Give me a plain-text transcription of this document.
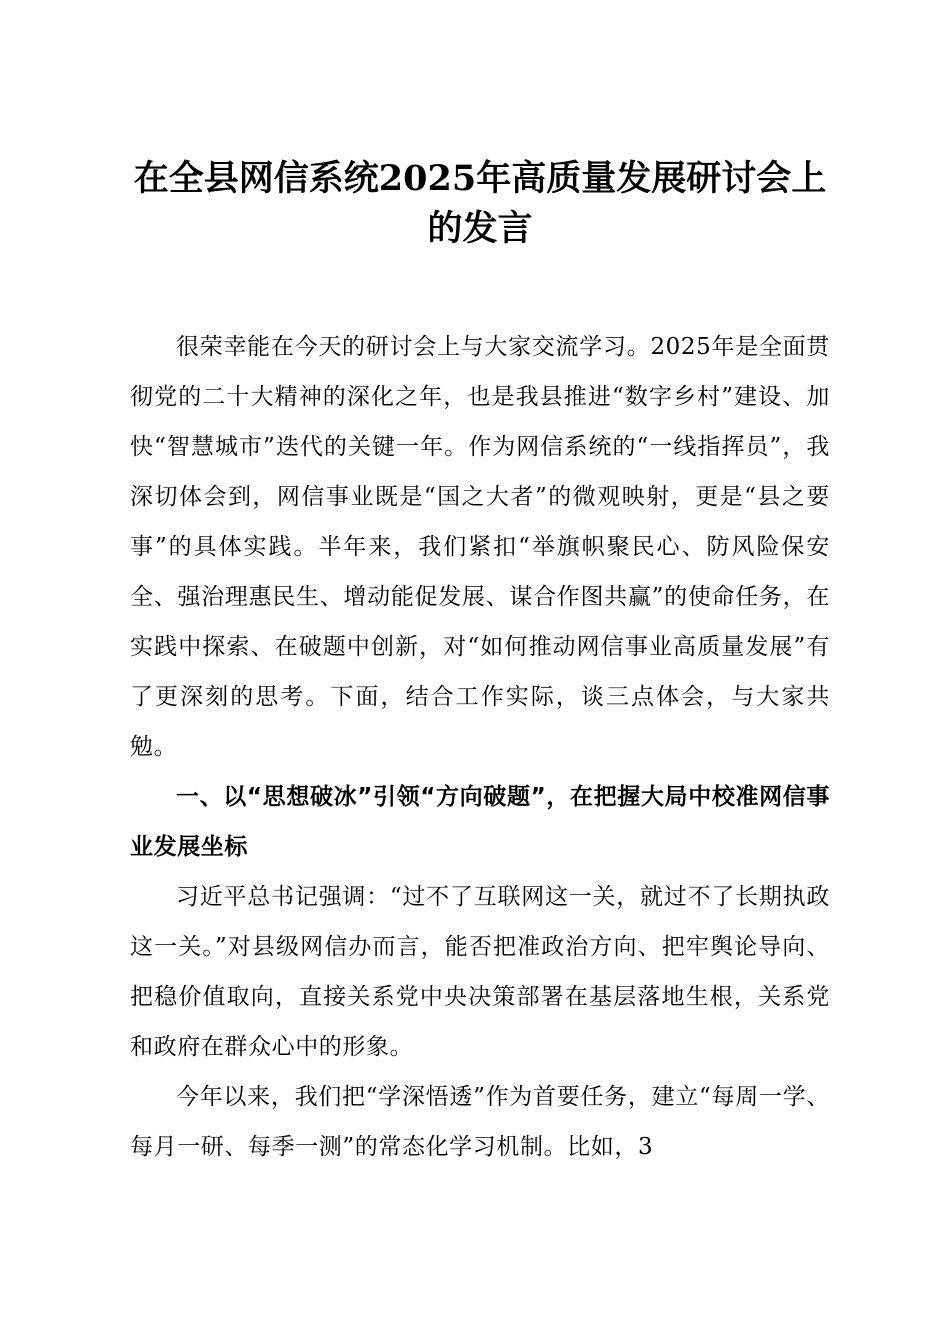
在全县网信系统2025年高质量发展研讨会上
的发言

很荣幸能在今天的研讨会上与大家交流学习。2025年是全面贯彻党的二十大精神的深化之年，也是我县推进“数字乡村”建设、加快“智慧城市”迭代的关键一年。作为网信系统的“一线指挥员”，我深切体会到，网信事业既是“国之大者”的微观映射，更是“县之要事”的具体实践。半年来，我们紧扣“举旗帜聚民心、防风险保安全、强治理惠民生、增动能促发展、谋合作图共赢”的使命任务，在实践中探索、在破题中创新，对“如何推动网信事业高质量发展”有了更深刻的思考。下面，结合工作实际，谈三点体会，与大家共勉。

一、以“思想破冰”引领“方向破题”，在把握大局中校准网信事业发展坐标

习近平总书记强调：“过不了互联网这一关，就过不了长期执政这一关。”对县级网信办而言，能否把准政治方向、把牢舆论导向、把稳价值取向，直接关系党中央决策部署在基层落地生根，关系党和政府在群众心中的形象。

今年以来，我们把“学深悟透”作为首要任务，建立“每周一学、每月一研、每季一测”的常态化学习机制。比如，3
